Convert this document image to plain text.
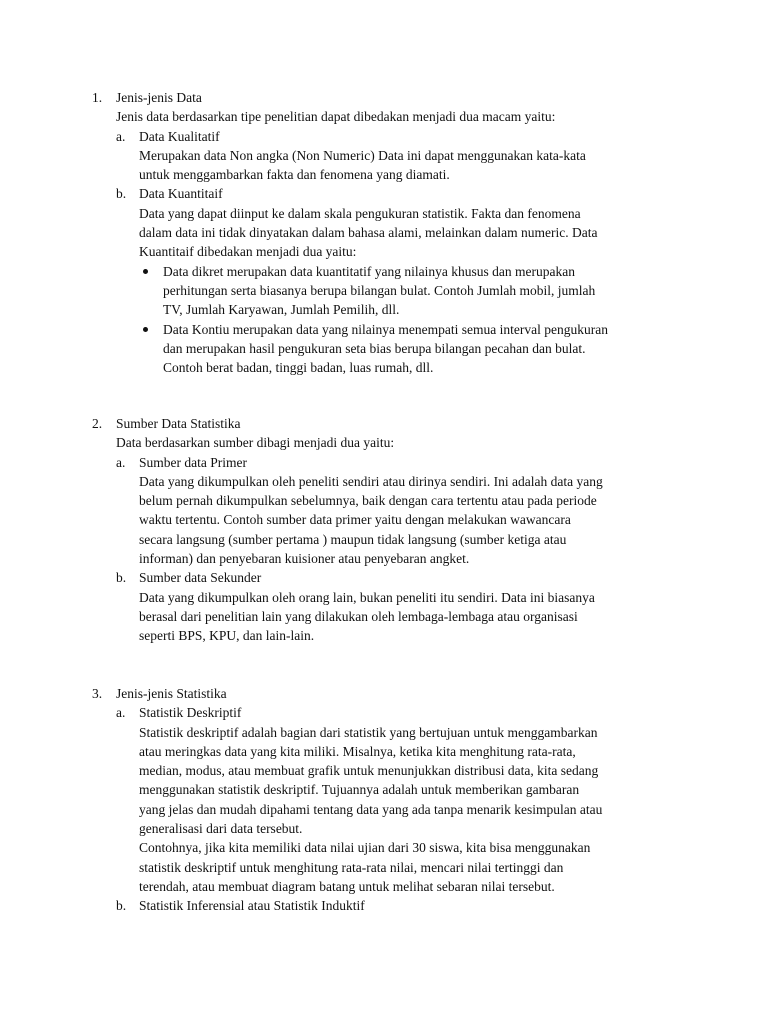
1. Jenis-jenis Data

Jenis data berdasarkan tipe penelitian dapat dibedakan menjadi dua macam yaitu:

a. Data Kualitatif

Merupakan data Non angka (Non Numeric) Data ini dapat menggunakan kata-kata

untuk menggambarkan fakta dan fenomena yang diamati.

b. Data Kuantitaif

Data yang dapat diinput ke dalam skala pengukuran statistik. Fakta dan fenomena

dalam data ini tidak dinyatakan dalam bahasa alami, melainkan dalam numeric. Data

Kuantitaif dibedakan menjadi dua yaitu:

Data dikret merupakan data kuantitatif yang nilainya khusus dan merupakan

perhitungan serta biasanya berupa bilangan bulat. Contoh Jumlah mobil, jumlah

TV, Jumlah Karyawan, Jumlah Pemilih, dll.

Data Kontiu merupakan data yang nilainya menempati semua interval pengukuran

dan merupakan hasil pengukuran seta bias berupa bilangan pecahan dan bulat.

Contoh berat badan, tinggi badan, luas rumah, dll.

2. Sumber Data Statistika

Data berdasarkan sumber dibagi menjadi dua yaitu:

a. Sumber data Primer

Data yang dikumpulkan oleh peneliti sendiri atau dirinya sendiri. Ini adalah data yang

belum pernah dikumpulkan sebelumnya, baik dengan cara tertentu atau pada periode

waktu tertentu. Contoh sumber data primer yaitu dengan melakukan wawancara

secara langsung (sumber pertama ) maupun tidak langsung (sumber ketiga atau

informan) dan penyebaran kuisioner atau penyebaran angket.

b. Sumber data Sekunder

Data yang dikumpulkan oleh orang lain, bukan peneliti itu sendiri. Data ini biasanya

berasal dari penelitian lain yang dilakukan oleh lembaga-lembaga atau organisasi

seperti BPS, KPU, dan lain-lain.

3. Jenis-jenis Statistika
a. Statistik Deskriptif

Statistik deskriptif adalah bagian dari statistik yang bertujuan untuk menggambarkan

atau meringkas data yang kita miliki. Misalnya, ketika kita menghitung rata-rata,

median, modus, atau membuat grafik untuk menunjukkan distribusi data, kita sedang

menggunakan statistik deskriptif. Tujuannya adalah untuk memberikan gambaran

yang jelas dan mudah dipahami tentang data yang ada tanpa menarik kesimpulan atau

generalisasi dari data tersebut.

Contohnya, jika kita memiliki data nilai ujian dari 30 siswa, kita bisa menggunakan

statistik deskriptif untuk menghitung rata-rata nilai, mencari nilai tertinggi dan

terendah, atau membuat diagram batang untuk melihat sebaran nilai tersebut.

b. Statistik Inferensial atau Statistik Induktif
